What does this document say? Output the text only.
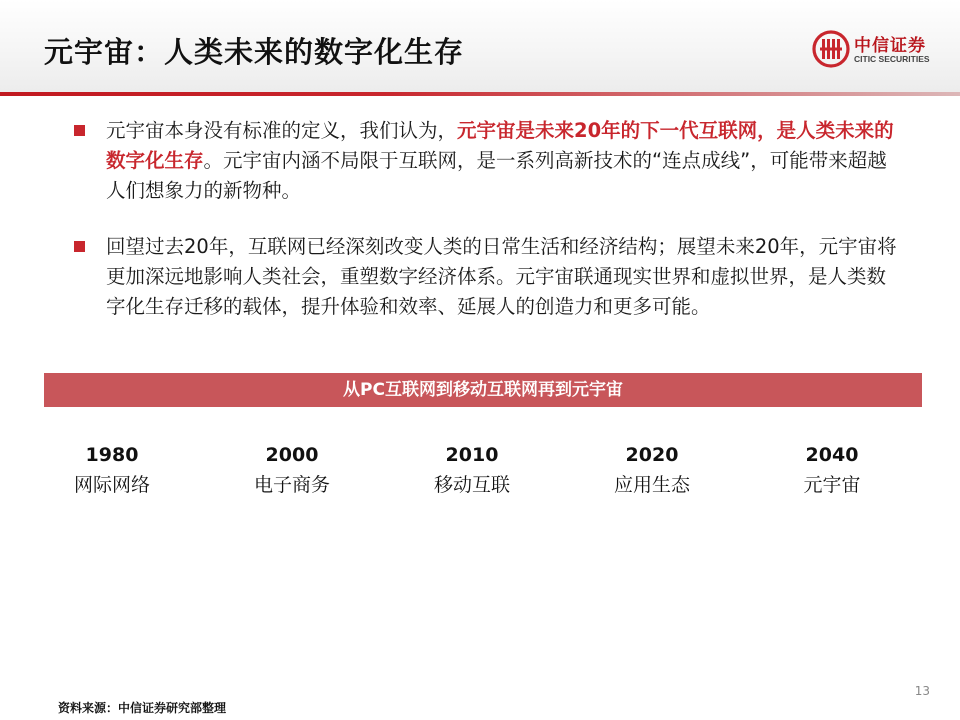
元宇宙：人类未来的数字化生存	中信证券
CITIC SECURITIES
元宇宙本身没有标准的定义，我们认为，元宇宙是未来20年的下一代互联网，是人类未来的数字化生存。元宇宙内涵不局限于互联网，是一系列高新技术的“连点成线”，可能带来超越人们想象力的新物种。
回望过去20年，互联网已经深刻改变人类的日常生活和经济结构；展望未来20年，元宇宙将更加深远地影响人类社会，重塑数字经济体系。元宇宙联通现实世界和虚拟世界，是人类数字化生存迁移的载体，提升体验和效率、延展人的创造力和更多可能。
从PC互联网到移动互联网再到元宇宙
1980
网际网络
2000
电子商务
2010
移动互联
2020
应用生态
2040
元宇宙
13
资料来源：中信证券研究部整理
